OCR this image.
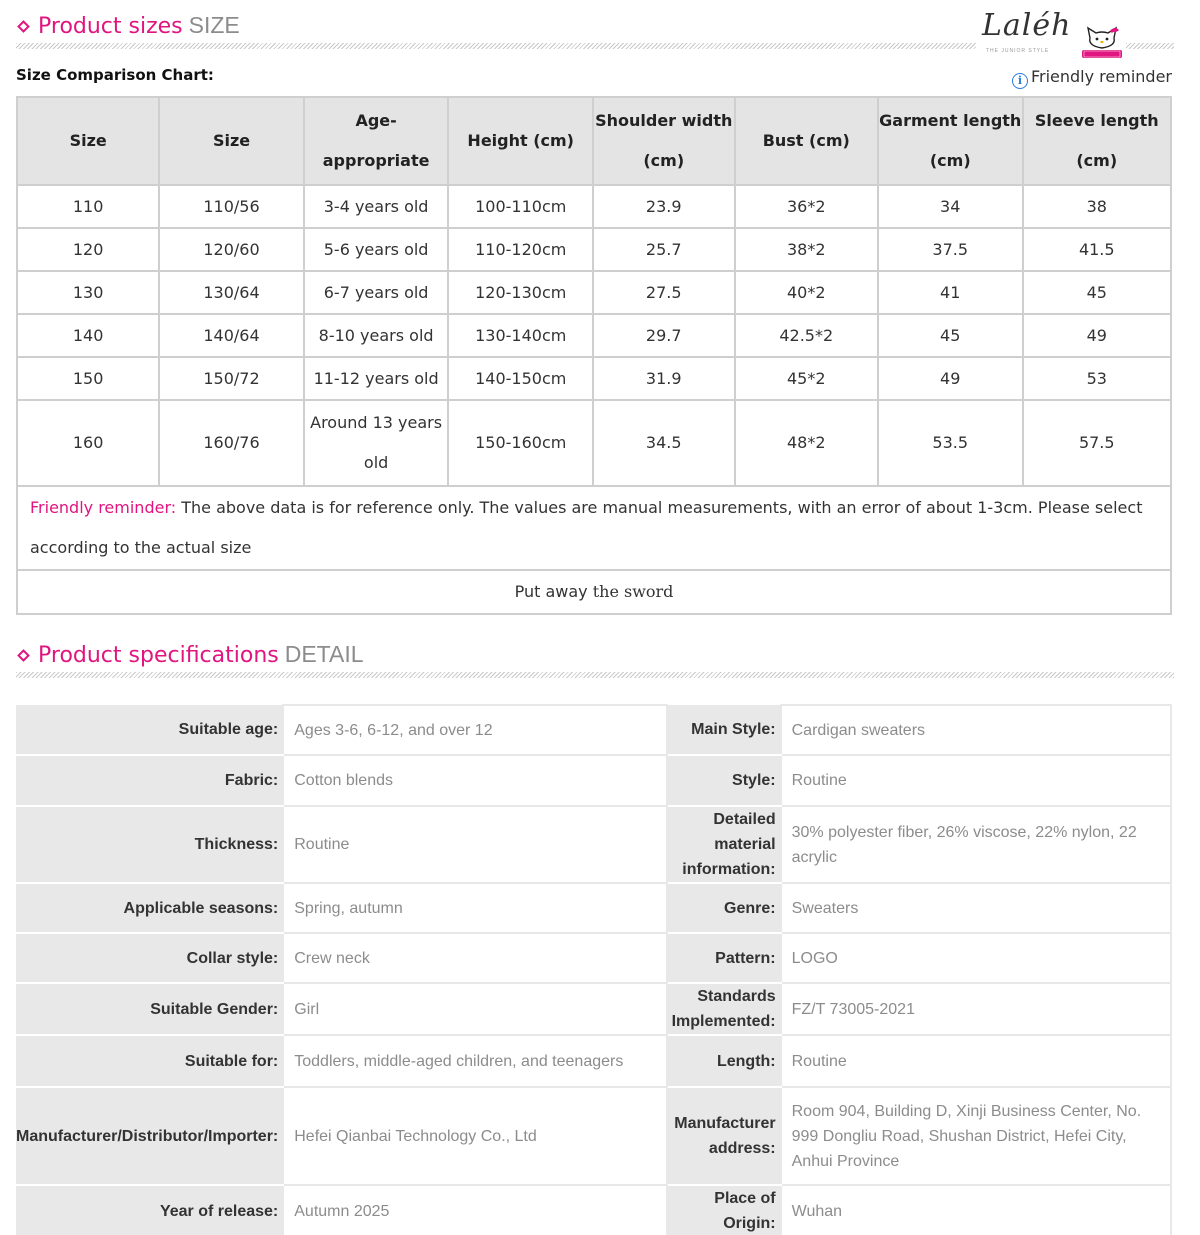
Product sizes SIZE	Laléh
THE JUNIOR STYLE
Size Comparison Chart:	i Friendly reminder
Size	Size	Age-appropriate	Height (cm)	Shoulder width (cm)	Bust (cm)	Garment length (cm)	Sleeve length (cm)
110	110/56	3-4 years old	100-110cm	23.9	36*2	34	38
120	120/60	5-6 years old	110-120cm	25.7	38*2	37.5	41.5
130	130/64	6-7 years old	120-130cm	27.5	40*2	41	45
140	140/64	8-10 years old	130-140cm	29.7	42.5*2	45	49
150	150/72	11-12 years old	140-150cm	31.9	45*2	49	53
160	160/76	Around 13 years old	150-160cm	34.5	48*2	53.5	57.5
Friendly reminder: The above data is for reference only. The values are manual measurements, with an error of about 1-3cm. Please select according to the actual size							
Put away the sword							
Product specifications DETAIL
Suitable age:	Ages 3-6, 6-12, and over 12	Main Style:	Cardigan sweaters
Fabric:	Cotton blends	Style:	Routine
Thickness:	Routine	Detailed material information:	30% polyester fiber, 26% viscose, 22% nylon, 22 acrylic
Applicable seasons:	Spring, autumn	Genre:	Sweaters
Collar style:	Crew neck	Pattern:	LOGO
Suitable Gender:	Girl	Standards Implemented:	FZ/T 73005-2021
Suitable for:	Toddlers, middle-aged children, and teenagers	Length:	Routine
Manufacturer/Distributor/Importer:	Hefei Qianbai Technology Co., Ltd	Manufacturer address:	Room 904, Building D, Xinji Business Center, No. 999 Dongliu Road, Shushan District, Hefei City, Anhui Province
Year of release:	Autumn 2025	Place of Origin:	Wuhan
